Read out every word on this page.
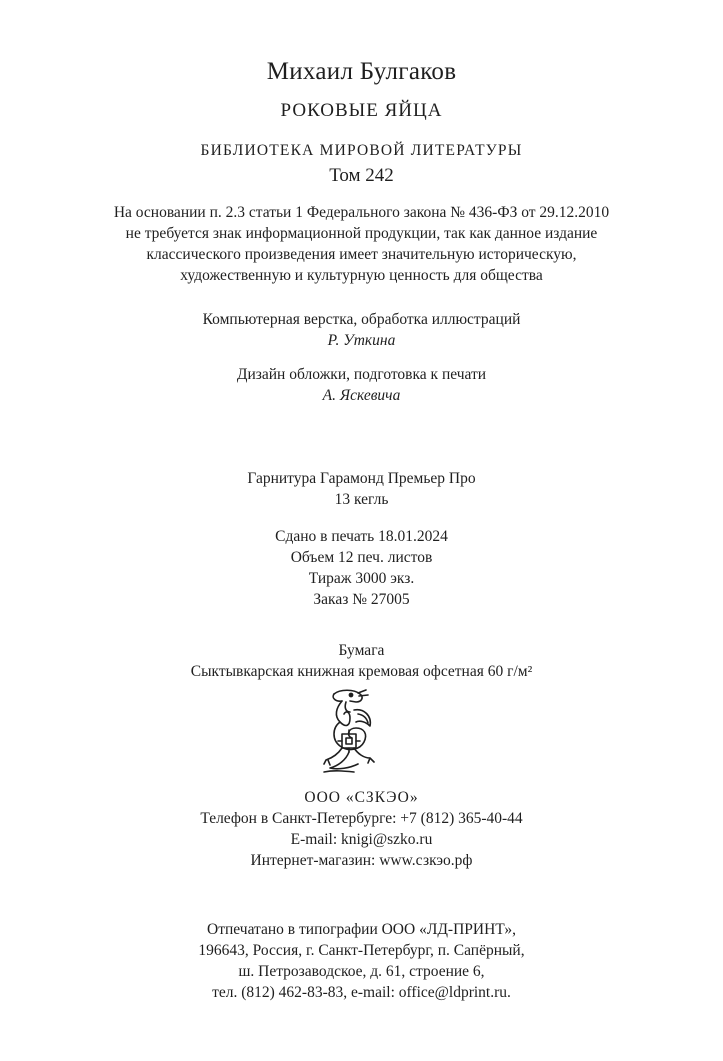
Михаил Булгаков
РОКОВЫЕ ЯЙЦА
БИБЛИОТЕКА МИРОВОЙ ЛИТЕРАТУРЫ
Том 242
На основании п. 2.3 статьи 1 Федерального закона № 436-ФЗ от 29.12.2010
не требуется знак информационной продукции, так как данное издание
классического произведения имеет значительную историческую,
художественную и культурную ценность для общества
Компьютерная верстка, обработка иллюстраций
Р. Уткина
Дизайн обложки, подготовка к печати
А. Яскевича
Гарнитура Гарамонд Премьер Про
13 кегль
Сдано в печать 18.01.2024
Объем 12 печ. листов
Тираж 3000 экз.
Заказ № 27005
Бумага
Сыктывкарская книжная кремовая офсетная 60 г/м²
ООО «СЗКЭО»
Телефон в Санкт-Петербурге: +7 (812) 365-40-44
E-mail: knigi@szko.ru
Интернет-магазин: www.сзкэо.рф
Отпечатано в типографии ООО «ЛД-ПРИНТ»,
196643, Россия, г. Санкт-Петербург, п. Сапёрный,
ш. Петрозаводское, д. 61, строение 6,
тел. (812) 462-83-83, e-mail: office@ldprint.ru.
